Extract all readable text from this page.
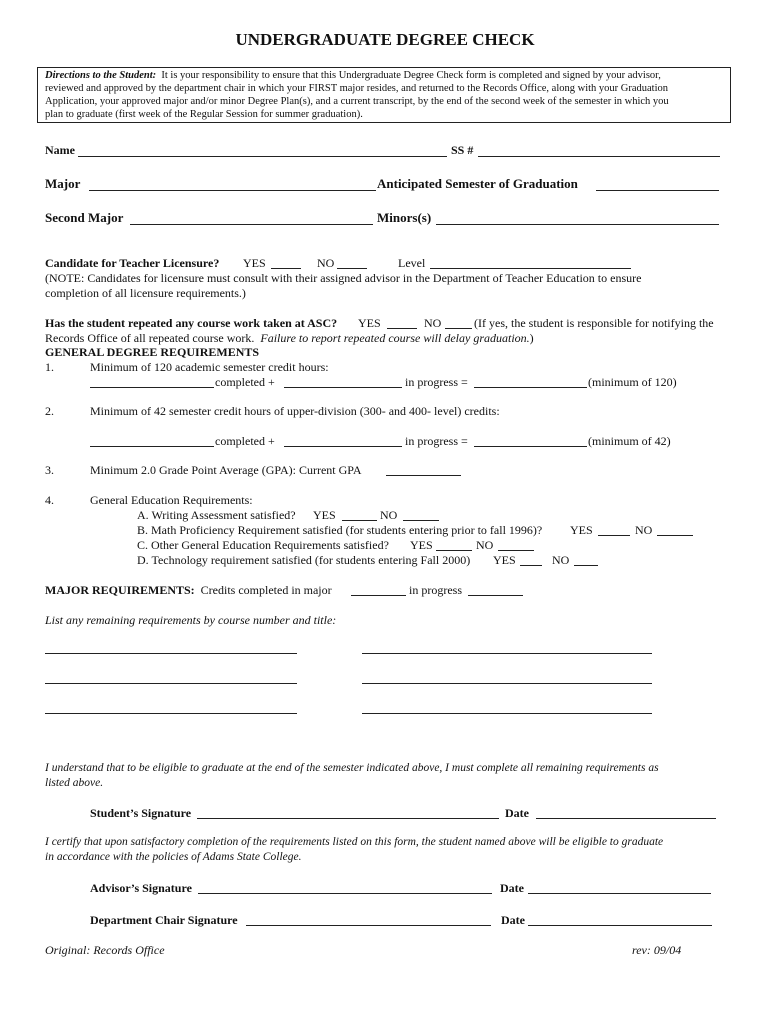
UNDERGRADUATE DEGREE CHECK
Directions to the Student: It is your responsibility to ensure that this Undergraduate Degree Check form is completed and signed by your advisor,
reviewed and approved by the department chair in which your FIRST major resides, and returned to the Records Office, along with your Graduation
Application, your approved major and/or minor Degree Plan(s), and a current transcript, by the end of the second week of the semester in which you
plan to graduate (first week of the Regular Session for summer graduation).
Name	SS #
Major	Anticipated Semester of Graduation
Second Major	Minors(s)
Candidate for Teacher Licensure? YES	NO	Level
(NOTE: Candidates for licensure must consult with their assigned advisor in the Department of Teacher Education to ensure
completion of all licensure requirements.)
Has the student repeated any course work taken at ASC? YES	NO	(If yes, the student is responsible for notifying the
Records Office of all repeated course work. Failure to report repeated course will delay graduation.)
GENERAL DEGREE REQUIREMENTS
1.	Minimum of 120 academic semester credit hours:
completed +	in progress =	(minimum of 120)
2.	Minimum of 42 semester credit hours of upper-division (300- and 400- level) credits:
completed +	in progress =	(minimum of 42)
3.	Minimum 2.0 Grade Point Average (GPA): Current GPA
4.	General Education Requirements:
A. Writing Assessment satisfied? YES	NO
B. Math Proficiency Requirement satisfied (for students entering prior to fall 1996)? YES	NO
C. Other General Education Requirements satisfied? YES	NO
D. Technology requirement satisfied (for students entering Fall 2000) YES	NO
MAJOR REQUIREMENTS: Credits completed in major	in progress
List any remaining requirements by course number and title:
I understand that to be eligible to graduate at the end of the semester indicated above, I must complete all remaining requirements as
listed above.
Student’s Signature	Date
I certify that upon satisfactory completion of the requirements listed on this form, the student named above will be eligible to graduate
in accordance with the policies of Adams State College.
Advisor’s Signature	Date
Department Chair Signature	Date
Original: Records Office	rev: 09/04
